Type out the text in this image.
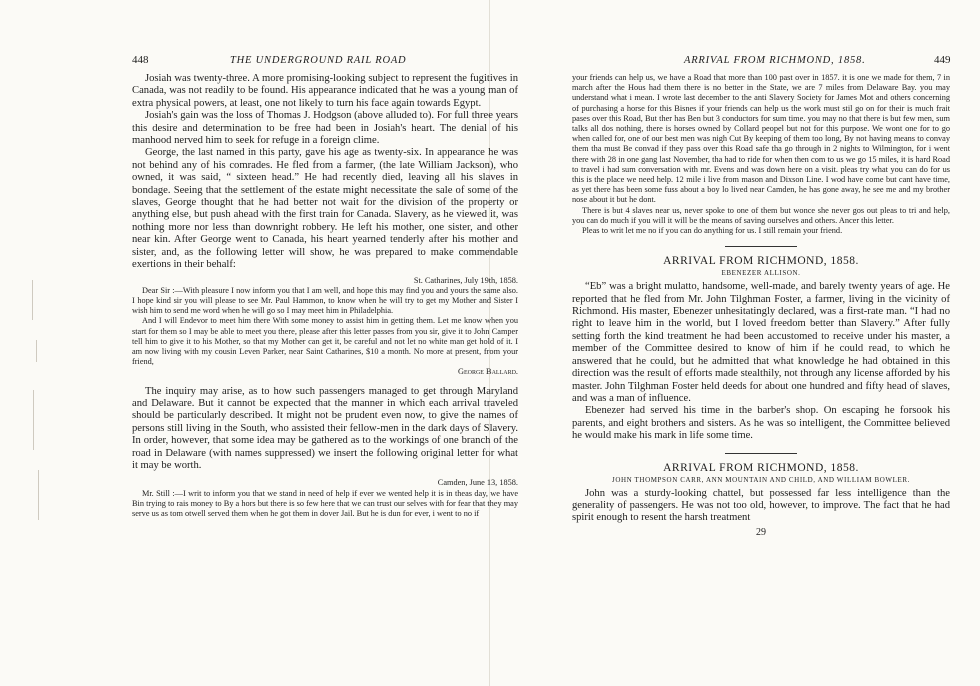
448	THE UNDERGROUND RAIL ROAD

Josiah was twenty-three. A more promising-looking subject to represent the fugitives in Canada, was not readily to be found. His appearance indicated that he was a young man of extra physical powers, at least, one not likely to turn his face again towards Egypt.

Josiah's gain was the loss of Thomas J. Hodgson (above alluded to). For full three years this desire and determination to be free had been in Josiah's heart. The denial of his manhood nerved him to seek for refuge in a foreign clime.

George, the last named in this party, gave his age as twenty-six. In appearance he was not behind any of his comrades. He fled from a farmer, (the late William Jackson), who owned, it was said, “ sixteen head.” He had recently died, leaving all his slaves in bondage. Seeing that the settlement of the estate might necessitate the sale of some of the slaves, George thought that he had better not wait for the division of the property or anything else, but push ahead with the first train for Canada. Slavery, as he viewed it, was nothing more nor less than downright robbery. He left his mother, one sister, and other near kin. After George went to Canada, his heart yearned tenderly after his mother and sister, and, as the following letter will show, he was prepared to make commendable exertions in their behalf:

St. Catharines, July 19th, 1858.

Dear Sir :—With pleasure I now inform you that I am well, and hope this may find you and yours the same also. I hope kind sir you will please to see Mr. Paul Hammon, to know when he will try to get my Mother and Sister I wish him to send me word when he will go so I may meet him in Philadelphia.

And I will Endevor to meet him there With some money to assist him in getting them. Let me know when you start for them so I may be able to meet you there, please after this letter passes from you sir, give it to John Camper tell him to give it to his Mother, so that my Mother can get it, be careful and not let no white man get hold of it. I am now living with my cousin Leven Parker, near Saint Catharines, $10 a month. No more at present, from your friend,

George Ballard.

The inquiry may arise, as to how such passengers managed to get through Maryland and Delaware. But it cannot be expected that the manner in which each arrival traveled should be particularly described. It might not be prudent even now, to give the names of persons still living in the South, who assisted their fellow-men in the dark days of Slavery. In order, however, that some idea may be gathered as to the workings of one branch of the road in Delaware (with names suppressed) we insert the following original letter for what it may be worth.

Camden, June 13, 1858.

Mr. Still :—I writ to inform you that we stand in need of help if ever we wented help it is in theas day, we have Bin trying to rais money to By a hors but there is so few here that we can trust our selves with for fear that they may serve us as tom otwell served them when he got them in dover Jail. But he is dun for ever, i went to no if

ARRIVAL FROM RICHMOND, 1858.	449

your friends can help us, we have a Road that more than 100 past over in 1857. it is one we made for them, 7 in march after the Hous had them there is no better in the State, we are 7 miles from Delaware Bay. you may understand what i mean. I wrote last december to the anti Slavery Society for James Mot and others concerning of purchasing a horse for this Bisnes if your friends can help us the work must stil go on for their is much frait pases over this Road, But ther has Ben but 3 conductors for sum time. you may no that there is but few men, sum talks all dos nothing, there is horses owned by Collard peopel but not for this purpose. We wont one for to go when called for, one of our best men was nigh Cut By keeping of them too long, By not having means to convay them tha must Be convad if they pass over this Road safe tha go through in 2 nights to Wilmington, for i went there with 28 in one gang last November, tha had to ride for when then com to us we go 15 miles, it is hard Road to travel i had sum conversation with mr. Evens and was down here on a visit. pleas try what you can do for us this is the place we need help. 12 mile i live from mason and Dixson Line. I wod have come but cant have time, as yet there has been some fuss about a boy lo lived near Camden, he has gone away, he see me and my brother nose about it but he dont.

There is but 4 slaves near us, never spoke to one of them but wonce she never gos out pleas to tri and help, you can do much if you will it will be the means of saving ourselves and others. Ancer this letter.

Pleas to writ let me no if you can do anything for us. I still remain your friend.

ARRIVAL FROM RICHMOND, 1858.

EBENEZER ALLISON.

“Eb” was a bright mulatto, handsome, well-made, and barely twenty years of age. He reported that he fled from Mr. John Tilghman Foster, a farmer, living in the vicinity of Richmond. His master, Ebenezer unhesitatingly declared, was a first-rate man. “I had no right to leave him in the world, but I loved freedom better than Slavery.” After fully setting forth the kind treatment he had been accustomed to receive under his master, a member of the Committee desired to know of him if he could read, to which he answered that he could, but he admitted that what knowledge he had obtained in this direction was the result of efforts made stealthily, not through any license afforded by his master. John Tilghman Foster held deeds for about one hundred and fifty head of slaves, and was a man of influence.

Ebenezer had served his time in the barber's shop. On escaping he forsook his parents, and eight brothers and sisters. As he was so intelligent, the Committee believed he would make his mark in life some time.

ARRIVAL FROM RICHMOND, 1858.

JOHN THOMPSON CARR, ANN MOUNTAIN AND CHILD, AND WILLIAM BOWLER.

John was a sturdy-looking chattel, but possessed far less intelligence than the generality of passengers. He was not too old, however, to improve. The fact that he had spirit enough to resent the harsh treatment

29
